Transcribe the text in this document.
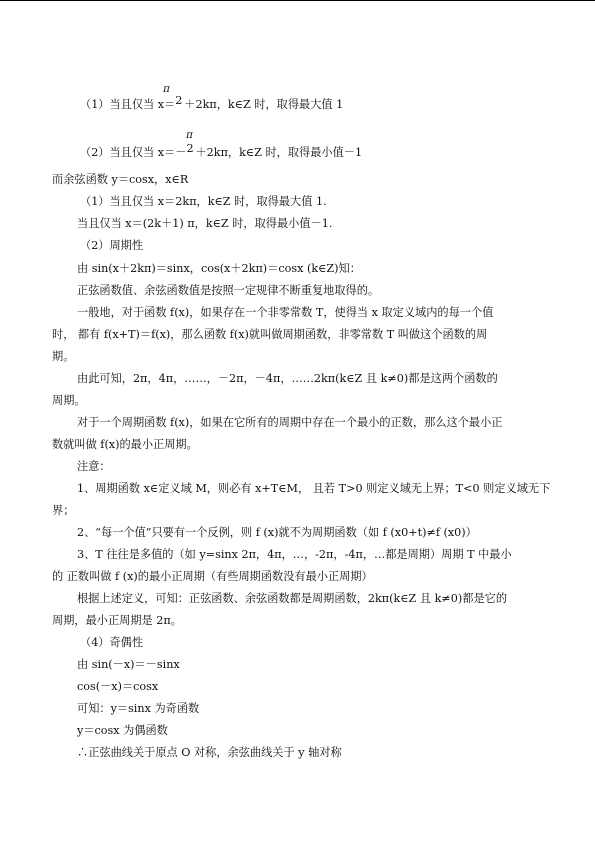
π
（1）当且仅当 x＝2 ＋2kπ，k∈Z 时，取得最大值 1
π
（2）当且仅当 x＝－2 ＋2kπ，k∈Z 时，取得最小值－1
而余弦函数 y＝cosx，x∈R
（1）当且仅当 x＝2kπ，k∈Z 时，取得最大值 1.
当且仅当 x＝(2k＋1) π，k∈Z 时，取得最小值－1.
（2）周期性
由 sin(x＋2kπ)＝sinx，cos(x＋2kπ)＝cosx (k∈Z)知：
正弦函数值、余弦函数值是按照一定规律不断重复地取得的。
一般地，对于函数 f(x)，如果存在一个非零常数 T，使得当 x 取定义域内的每一个值
时， 都有 f(x+T)＝f(x)，那么函数 f(x)就叫做周期函数，非零常数 T 叫做这个函数的周
期。
由此可知，2π，4π，……，－2π，－4π，……2kπ(k∈Z 且 k≠0)都是这两个函数的
周期。
对于一个周期函数 f(x)，如果在它所有的周期中存在一个最小的正数，那么这个最小正
数就叫做 f(x)的最小正周期。
注意：
1、周期函数 x∈定义域 M，则必有 x+T∈M， 且若 T>0 则定义域无上界；T<0 则定义域无下
界；
2、“每一个值”只要有一个反例，则 f (x)就不为周期函数（如 f (x0+t)≠f (x0)）
3、T 往往是多值的（如 y=sinx 2π，4π，…，-2π，-4π，…都是周期）周期 T 中最小
的 正数叫做 f (x)的最小正周期（有些周期函数没有最小正周期）
根据上述定义，可知：正弦函数、余弦函数都是周期函数，2kπ(k∈Z 且 k≠0)都是它的
周期，最小正周期是 2π。
（4）奇偶性
由 sin(－x)＝－sinx
cos(－x)＝cosx
可知：y＝sinx 为奇函数
y＝cosx 为偶函数
∴正弦曲线关于原点 O 对称，余弦曲线关于 y 轴对称
